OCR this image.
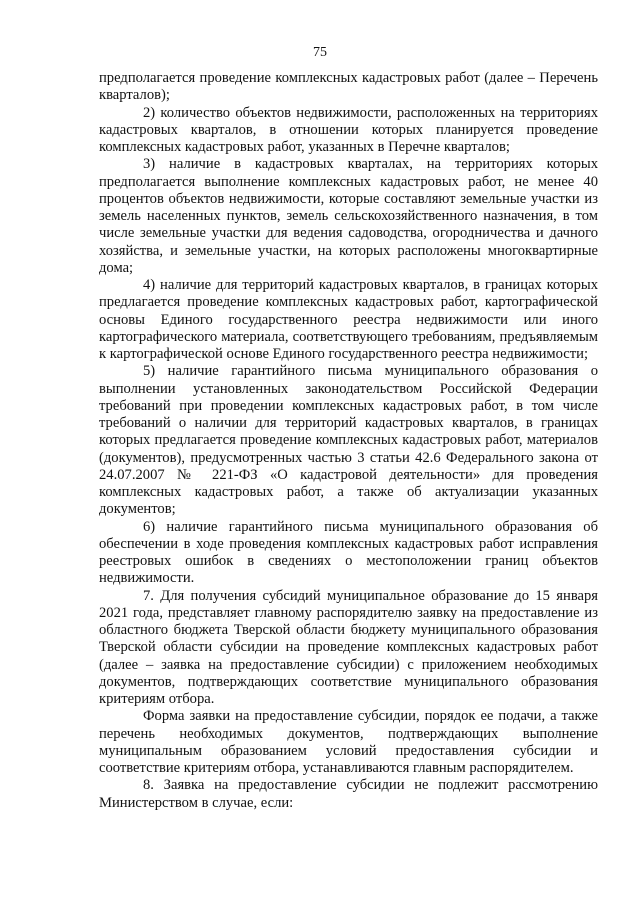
75

предполагается проведение комплексных кадастровых работ (далее – Перечень кварталов);

2) количество объектов недвижимости, расположенных на территориях кадастровых кварталов, в отношении которых планируется проведение комплексных кадастровых работ, указанных в Перечне кварталов;

3) наличие в кадастровых кварталах, на территориях которых предполагается выполнение комплексных кадастровых работ, не менее 40 процентов объектов недвижимости, которые составляют земельные участки из земель населенных пунктов, земель сельскохозяйственного назначения, в том числе земельные участки для ведения садоводства, огородничества и дачного хозяйства, и земельные участки, на которых расположены многоквартирные дома;

4) наличие для территорий кадастровых кварталов, в границах которых предлагается проведение комплексных кадастровых работ, картографической основы Единого государственного реестра недвижимости или иного картографического материала, соответствующего требованиям, предъявляемым к картографической основе Единого государственного реестра недвижимости;

5) наличие гарантийного письма муниципального образования о выполнении установленных законодательством Российской Федерации требований при проведении комплексных кадастровых работ, в том числе требований о наличии для территорий кадастровых кварталов, в границах которых предлагается проведение комплексных кадастровых работ, материалов (документов), предусмотренных частью 3 статьи 42.6 Федерального закона от 24.07.2007 № 221-ФЗ «О кадастровой деятельности» для проведения комплексных кадастровых работ, а также об актуализации указанных документов;

6) наличие гарантийного письма муниципального образования об обеспечении в ходе проведения комплексных кадастровых работ исправления реестровых ошибок в сведениях о местоположении границ объектов недвижимости.

7. Для получения субсидий муниципальное образование до 15 января 2021 года, представляет главному распорядителю заявку на предоставление из областного бюджета Тверской области бюджету муниципального образования Тверской области субсидии на проведение комплексных кадастровых работ (далее – заявка на предоставление субсидии) с приложением необходимых документов, подтверждающих соответствие муниципального образования критериям отбора.

Форма заявки на предоставление субсидии, порядок ее подачи, а также перечень необходимых документов, подтверждающих выполнение муниципальным образованием условий предоставления субсидии и соответствие критериям отбора, устанавливаются главным распорядителем.

8. Заявка на предоставление субсидии не подлежит рассмотрению Министерством в случае, если:
